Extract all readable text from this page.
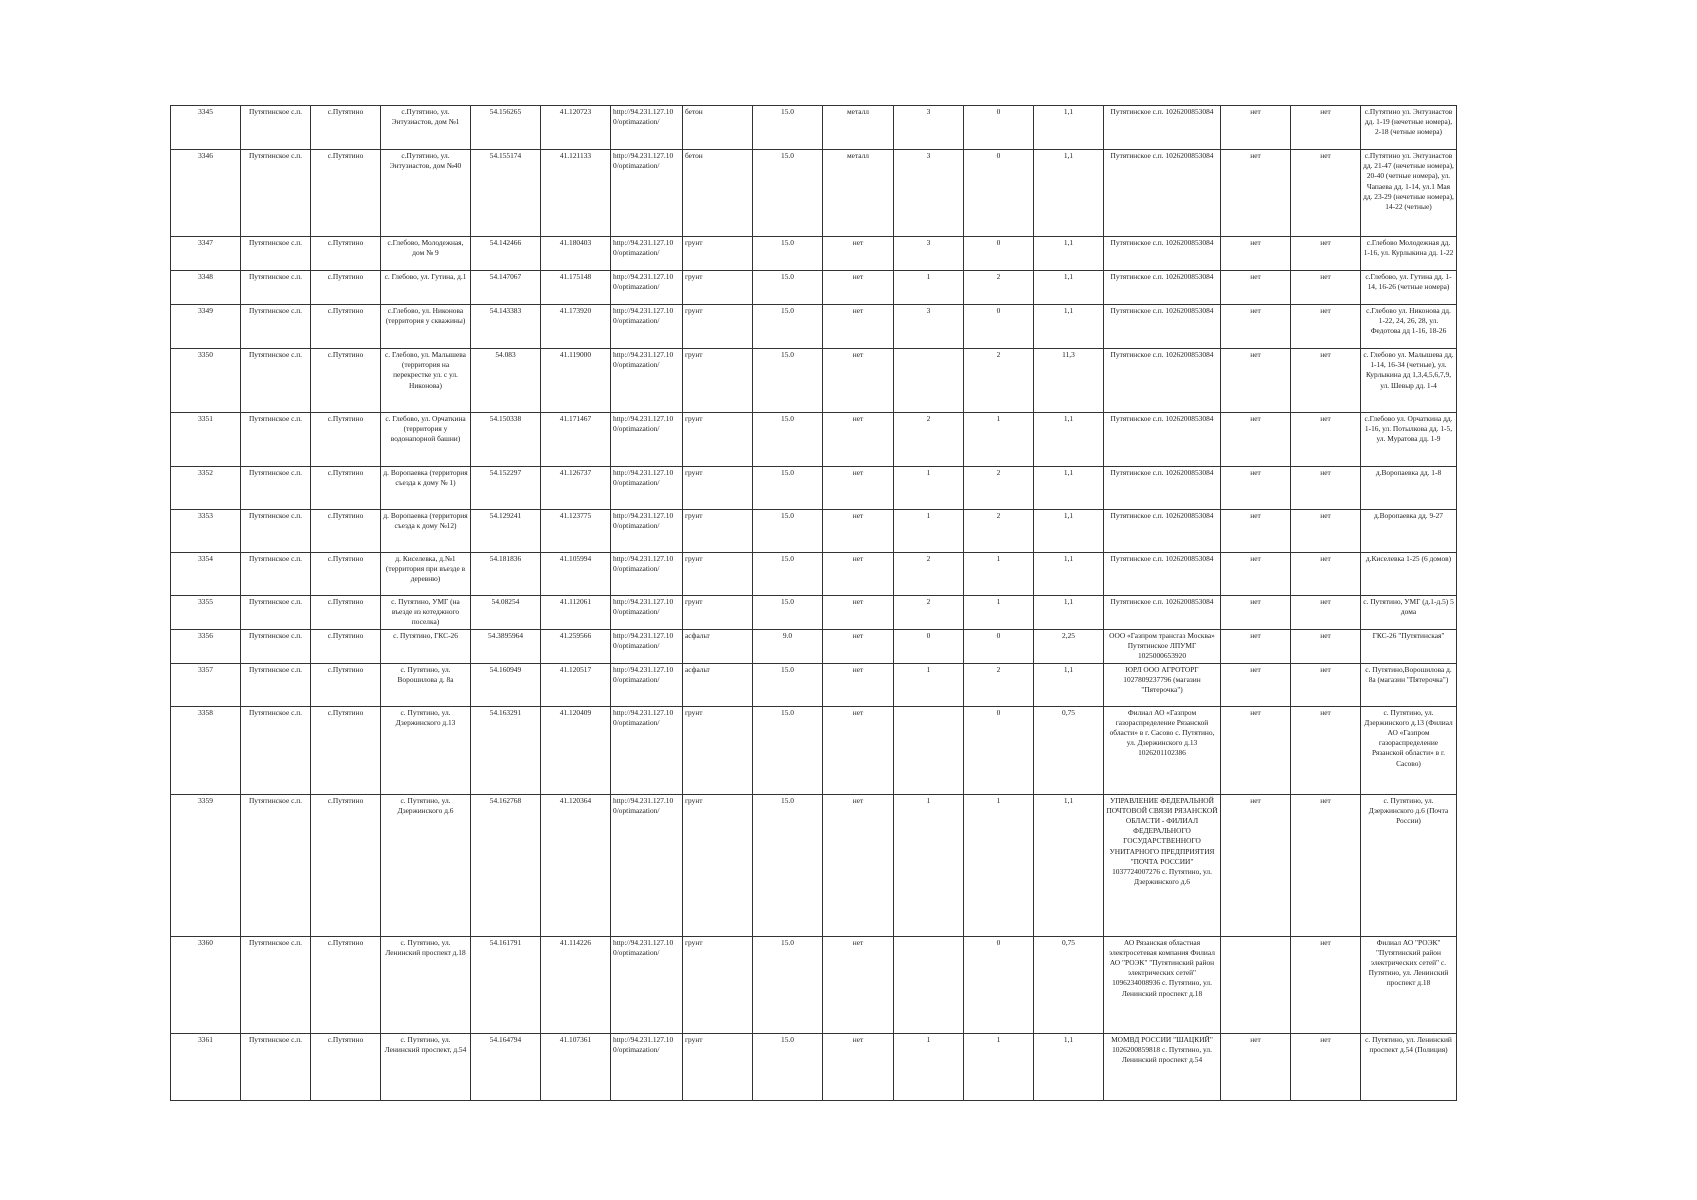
3345	Путятинское с.п.	с.Путятино	с.Путятино, ул. Энтузиастов, дом №1	54.156265	41.120723	http://94.231.127.10 0/optimazation/	бетон	15.0	металл	3	0	1,1	Путятинское с.п. 1026200853084	нет	нет	с.Путятино ул. Энтузиастов дд. 1-19 (нечетные номера), 2-18 (четные номера)
3346	Путятинское с.п.	с.Путятино	с.Путятино, ул. Энтузиастов, дом №40	54.155174	41.121133	http://94.231.127.10 0/optimazation/	бетон	15.0	металл	3	0	1,1	Путятинское с.п. 1026200853084	нет	нет	с.Путятино ул. Энтузиастов дд. 21-47 (нечетные номера), 20-40 (четные номера), ул. Чапаева дд. 1-14, ул.1 Мая дд. 23-29 (нечетные номера), 14-22 (четные)
3347	Путятинское с.п.	с.Путятино	с.Глебово, Молодежная, дом № 9	54.142466	41.180403	http://94.231.127.10 0/optimazation/	грунт	15.0	нет	3	0	1,1	Путятинское с.п. 1026200853084	нет	нет	с.Глебово Молодежная дд. 1-16, ул. Курлыкина дд. 1-22
3348	Путятинское с.п.	с.Путятино	с. Глебово, ул. Гутина, д.1	54.147067	41.175148	http://94.231.127.10 0/optimazation/	грунт	15.0	нет	1	2	1,1	Путятинское с.п. 1026200853084	нет	нет	с.Глебово, ул. Гутина дд. 1-14, 16-26 (четные номера)
3349	Путятинское с.п.	с.Путятино	с.Глебово, ул. Никонова (территория у скважины)	54.143383	41.173920	http://94.231.127.10 0/optimazation/	грунт	15.0	нет	3	0	1,1	Путятинское с.п. 1026200853084	нет	нет	с.Глебово ул. Никонова дд. 1-22, 24, 26, 28, ул. Федотова дд 1-16, 18-26
3350	Путятинское с.п.	с.Путятино	с. Глебово, ул. Малышева (территория на перекрестке ул. с ул. Никонова)	54.083	41.119000	http://94.231.127.10 0/optimazation/	грунт	15.0	нет		2	11,3	Путятинское с.п. 1026200853084	нет	нет	с. Глебово ул. Малышева дд. 1-14, 16-34 (четные), ул. Курлыкина дд 1,3,4,5,6,7,9, ул. Шевыр дд. 1-4
3351	Путятинское с.п.	с.Путятино	с. Глебово, ул. Орчаткина (территория у водонапорной башни)	54.150338	41.171467	http://94.231.127.10 0/optimazation/	грунт	15.0	нет	2	1	1,1	Путятинское с.п. 1026200853084	нет	нет	с.Глебово ул. Орчаткина дд. 1-16, ул. Потылкова дд. 1-5, ул. Муратова дд. 1-9
3352	Путятинское с.п.	с.Путятино	д. Воропаевка (территория съезда к дому № 1)	54.152297	41.126737	http://94.231.127.10 0/optimazation/	грунт	15.0	нет	1	2	1,1	Путятинское с.п. 1026200853084	нет	нет	д.Воропаевка дд. 1-8
3353	Путятинское с.п.	с.Путятино	д. Воропаевка (территория съезда к дому №12)	54.129241	41.123775	http://94.231.127.10 0/optimazation/	грунт	15.0	нет	1	2	1,1	Путятинское с.п. 1026200853084	нет	нет	д.Воропаевка дд. 9-27
3354	Путятинское с.п.	с.Путятино	д. Киселевка, д.№1 (территория при въезде в деревню)	54.181836	41.105994	http://94.231.127.10 0/optimazation/	грунт	15.0	нет	2	1	1,1	Путятинское с.п. 1026200853084	нет	нет	д.Киселевка 1-25 (6 домов)
3355	Путятинское с.п.	с.Путятино	с. Путятино, УМГ (на въезде из котеджного поселка)	54.08254	41.112061	http://94.231.127.10 0/optimazation/	грунт	15.0	нет	2	1	1,1	Путятинское с.п. 1026200853084	нет	нет	с. Путятино, УМГ (д.1-д.5) 5 дома
3356	Путятинское с.п.	с.Путятино	с. Путятино, ГКС-26	54.3895964	41.259566	http://94.231.127.10 0/optimazation/	асфальт	9.0	нет	0	0	2,25	ООО «Газпром трансгаз Москва» Путятинское ЛПУМГ 1025000653920	нет	нет	ГКС-26 "Путятинская"
3357	Путятинское с.п.	с.Путятино	с. Путятино, ул. Ворошилова д. 8а	54.160949	41.120517	http://94.231.127.10 0/optimazation/	асфальт	15.0	нет	1	2	1,1	ЮРЛ ООО АГРОТОРГ 1027809237796 (магазин "Пятерочка")	нет	нет	с. Путятино,Ворошилова д. 8а (магазин "Пятерочка")
3358	Путятинское с.п.	с.Путятино	с. Путятино, ул. Дзержинского д.13	54.163291	41.120409	http://94.231.127.10 0/optimazation/	грунт	15.0	нет		0	0,75	Филиал АО «Газпром газораспределение Рязанской области» в г. Сасово с. Путятино, ул. Дзержинского д.13 1026201102386	нет	нет	с. Путятино, ул. Дзержинского д.13 (Филиал АО «Газпром газораспределение Рязанской области» в г. Сасово)
3359	Путятинское с.п.	с.Путятино	с. Путятино, ул. Дзержинского д.6	54.162768	41.120364	http://94.231.127.10 0/optimazation/	грунт	15.0	нет	1	1	1,1	УПРАВЛЕНИЕ ФЕДЕРАЛЬНОЙ ПОЧТОВОЙ СВЯЗИ РЯЗАНСКОЙ ОБЛАСТИ - ФИЛИАЛ ФЕДЕРАЛЬНОГО ГОСУДАРСТВЕННОГО УНИТАРНОГО ПРЕДПРИЯТИЯ "ПОЧТА РОССИИ" 1037724007276 с. Путятино, ул. Дзержинского д.6	нет	нет	с. Путятино, ул. Дзержинского д.6 (Почта России)
3360	Путятинское с.п.	с.Путятино	с. Путятино, ул. Ленинский проспект д.18	54.161791	41.114226	http://94.231.127.10 0/optimazation/	грунт	15.0	нет		0	0,75	АО Рязанская областная электросетевая компания Филиал АО "РОЭК" "Путятинский район электрических сетей" 1096234008936 с. Путятино, ул. Ленинский проспект д.18		нет	Филиал АО "РОЭК" "Путятинский район электрических сетей" с. Путятино, ул. Ленинский проспект д.18
3361	Путятинское с.п.	с.Путятино	с. Путятино, ул. Ленинский проспект, д.54	54.164794	41.107361	http://94.231.127.10 0/optimazation/	грунт	15.0	нет	1	1	1,1	МОМВД РОССИИ "ШАЦКИЙ" 1026200859818 с. Путятино, ул. Ленинский проспект д.54	нет	нет	с. Путятино, ул. Ленинский проспект д.54 (Полиция)
